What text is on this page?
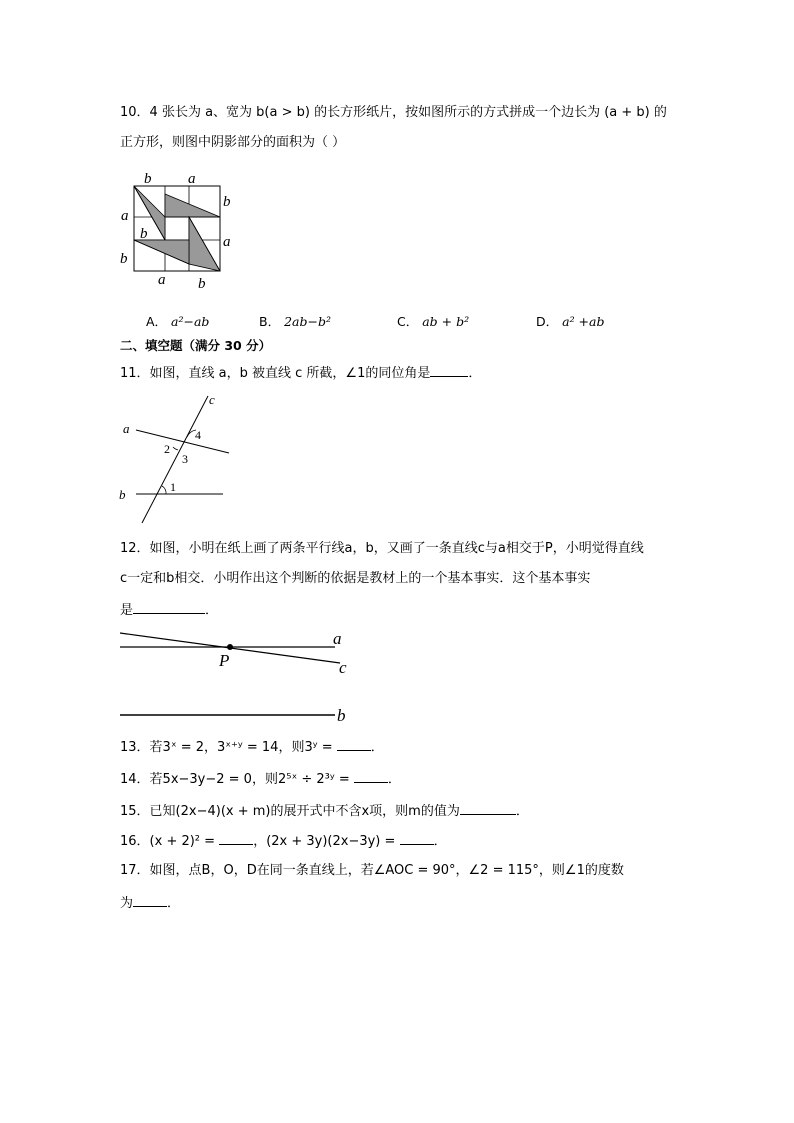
10．4 张长为 a、宽为 b(a > b) 的长方形纸片，按如图所示的方式拼成一个边长为 (a + b) 的
正方形，则图中阴影部分的面积为（ ）
b a
a
b
b	a
b
a b
A． a²−ab	B． 2ab−b²	C． ab + b²	D． a² +ab
二、填空题（满分 30 分）
11．如图，直线 a，b 被直线 c 所截，∠1的同位角是	．
c
a
b
4
2
3
1
12．如图，小明在纸上画了两条平行线a，b，又画了一条直线c与a相交于P，小明觉得直线
c一定和b相交．小明作出这个判断的依据是教材上的一个基本事实．这个基本事实
是	．
a
c
P
b
13．若3ˣ = 2，3ˣ⁺ʸ = 14，则3ʸ =	．
14．若5x−3y−2 = 0，则2⁵ˣ ÷ 2³ʸ =	．
15．已知(2x−4)(x + m)的展开式中不含x项，则m的值为	．
16．(x + 2)² =	，(2x + 3y)(2x−3y) =	．
17．如图，点B，O，D在同一条直线上，若∠AOC = 90°，∠2 = 115°，则∠1的度数
为	．
